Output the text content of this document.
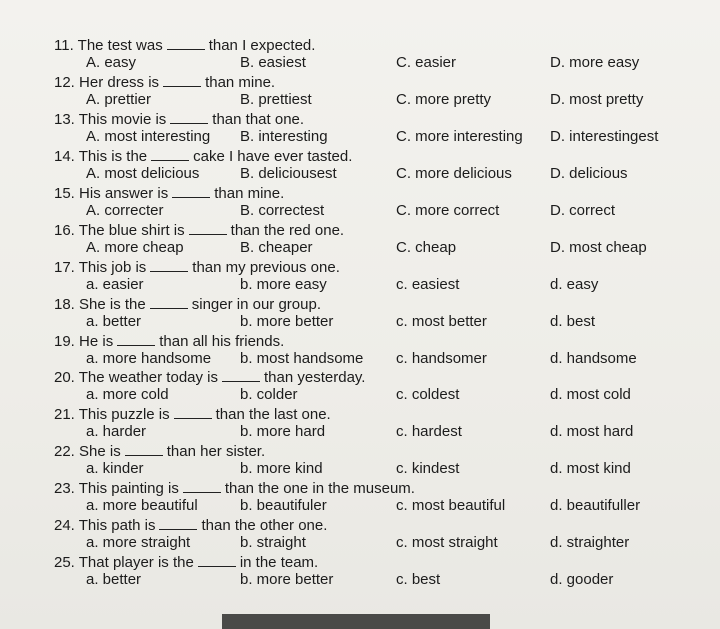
11. The test was	than I expected.
A. easy	B. easiest	C. easier	D. more easy
12. Her dress is	than mine.
A. prettier	B. prettiest	C. more pretty	D. most pretty
13. This movie is	than that one.
A. most interesting B. interesting	C. more interesting D. interestingest
14. This is the	cake I have ever tasted.
A. most delicious	B. deliciousest	C. more delicious	D. delicious
15. His answer is	than mine.
A. correcter	B. correctest	C. more correct	D. correct
16. The blue shirt is	than the red one.
A. more cheap	B. cheaper	C. cheap	D. most cheap
17. This job is	than my previous one.
a. easier	b. more easy	c. easiest	d. easy
18. She is the	singer in our group.
a. better	b. more better	c. most better	d. best
19. He is	than all his friends.
a. more handsome b. most handsome c. handsomer	d. handsome
20. The weather today is	than yesterday.
a. more cold	b. colder	c. coldest	d. most cold
21. This puzzle is	than the last one.
a. harder	b. more hard	c. hardest	d. most hard
22. She is	than her sister.
a. kinder	b. more kind	c. kindest	d. most kind
23. This painting is	than the one in the museum.
a. more beautiful	b. beautifuler	c. most beautiful	d. beautifuller
24. This path is	than the other one.
a. more straight	b. straight	c. most straight	d. straighter
25. That player is the	in the team.
a. better	b. more better	c. best	d. gooder
